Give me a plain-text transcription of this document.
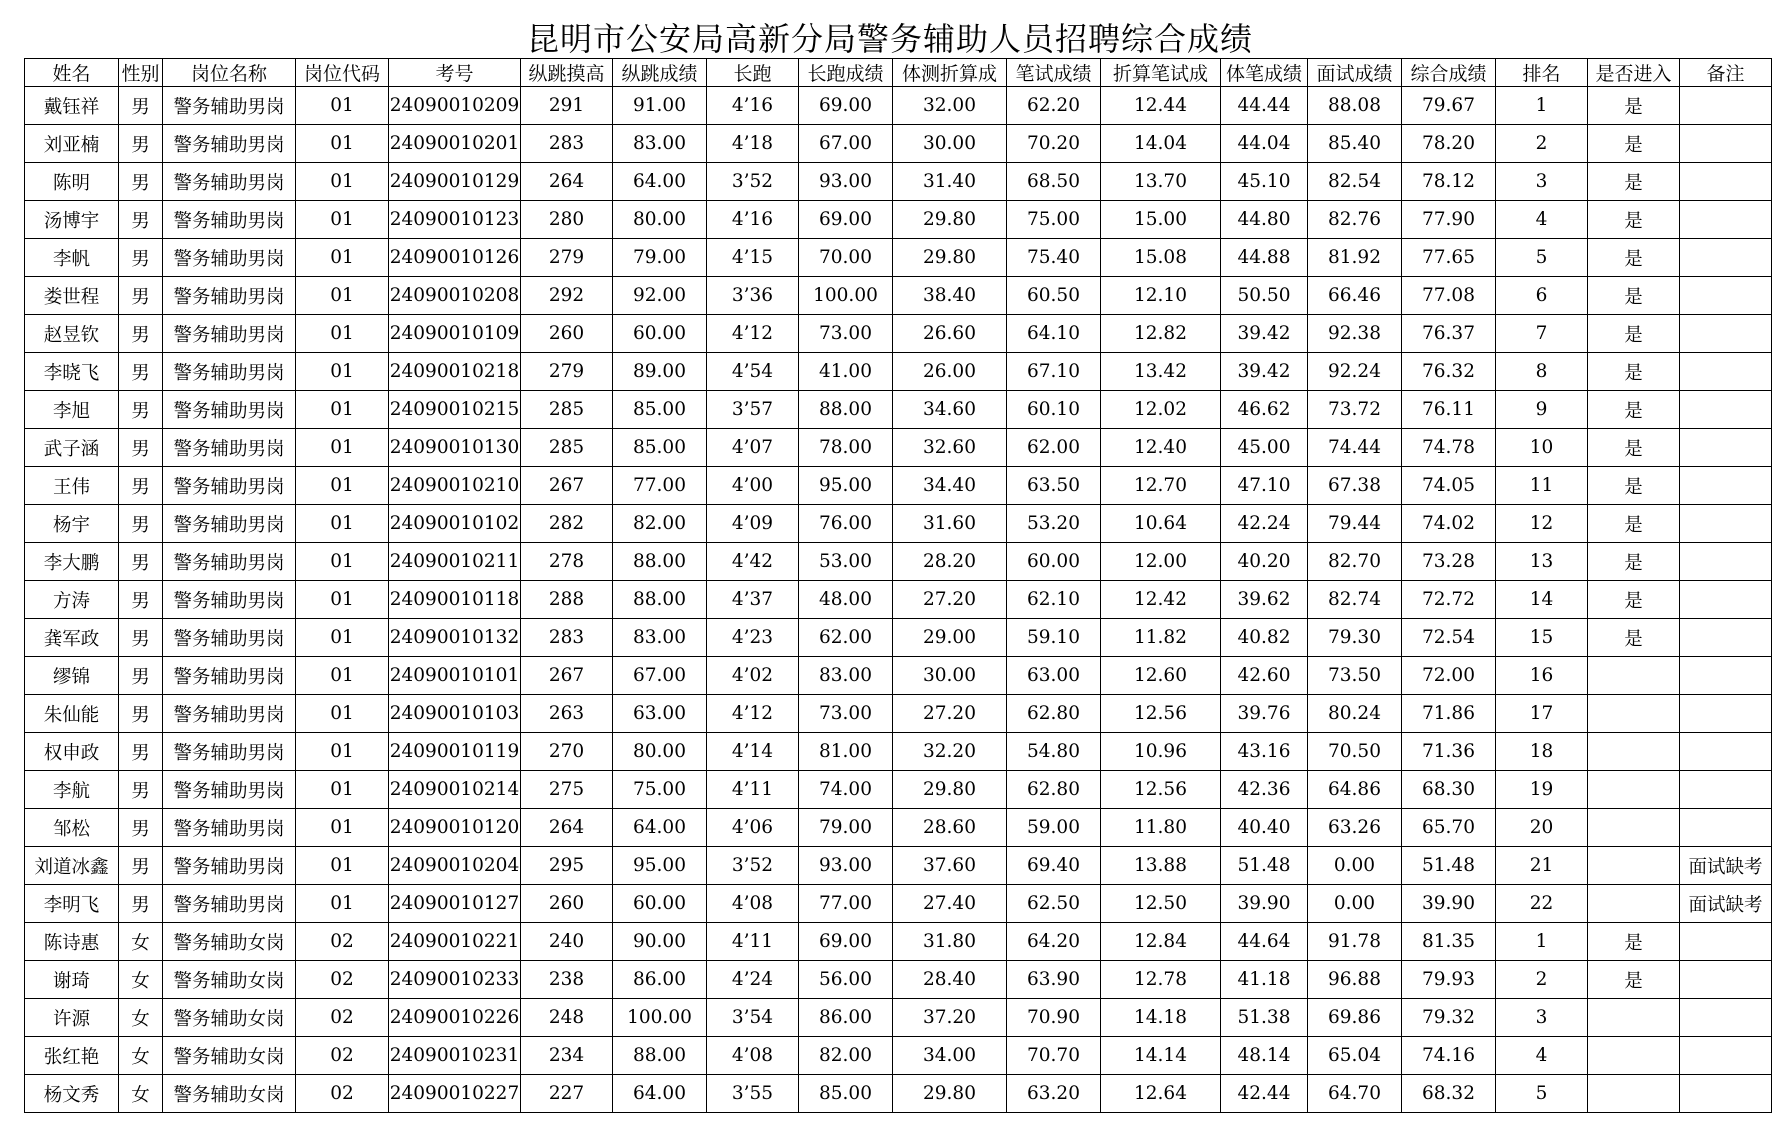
昆明市公安局高新分局警务辅助人员招聘综合成绩
姓名	性别	岗位名称	岗位代码	考号	纵跳摸高	纵跳成绩	长跑	长跑成绩	体测折算成	笔试成绩	折算笔试成	体笔成绩	面试成绩	综合成绩	排名	是否进入	备注
戴钰祥	男	警务辅助男岗	01	24090010209	291	91.00	4’16	69.00	32.00	62.20	12.44	44.44	88.08	79.67	1	是	
刘亚楠	男	警务辅助男岗	01	24090010201	283	83.00	4’18	67.00	30.00	70.20	14.04	44.04	85.40	78.20	2	是	
陈明	男	警务辅助男岗	01	24090010129	264	64.00	3’52	93.00	31.40	68.50	13.70	45.10	82.54	78.12	3	是	
汤博宇	男	警务辅助男岗	01	24090010123	280	80.00	4’16	69.00	29.80	75.00	15.00	44.80	82.76	77.90	4	是	
李帆	男	警务辅助男岗	01	24090010126	279	79.00	4’15	70.00	29.80	75.40	15.08	44.88	81.92	77.65	5	是	
娄世程	男	警务辅助男岗	01	24090010208	292	92.00	3’36	100.00	38.40	60.50	12.10	50.50	66.46	77.08	6	是	
赵昱钦	男	警务辅助男岗	01	24090010109	260	60.00	4’12	73.00	26.60	64.10	12.82	39.42	92.38	76.37	7	是	
李晓飞	男	警务辅助男岗	01	24090010218	279	89.00	4’54	41.00	26.00	67.10	13.42	39.42	92.24	76.32	8	是	
李旭	男	警务辅助男岗	01	24090010215	285	85.00	3’57	88.00	34.60	60.10	12.02	46.62	73.72	76.11	9	是	
武子涵	男	警务辅助男岗	01	24090010130	285	85.00	4’07	78.00	32.60	62.00	12.40	45.00	74.44	74.78	10	是	
王伟	男	警务辅助男岗	01	24090010210	267	77.00	4’00	95.00	34.40	63.50	12.70	47.10	67.38	74.05	11	是	
杨宇	男	警务辅助男岗	01	24090010102	282	82.00	4’09	76.00	31.60	53.20	10.64	42.24	79.44	74.02	12	是	
李大鹏	男	警务辅助男岗	01	24090010211	278	88.00	4’42	53.00	28.20	60.00	12.00	40.20	82.70	73.28	13	是	
方涛	男	警务辅助男岗	01	24090010118	288	88.00	4’37	48.00	27.20	62.10	12.42	39.62	82.74	72.72	14	是	
龚军政	男	警务辅助男岗	01	24090010132	283	83.00	4’23	62.00	29.00	59.10	11.82	40.82	79.30	72.54	15	是	
缪锦	男	警务辅助男岗	01	24090010101	267	67.00	4’02	83.00	30.00	63.00	12.60	42.60	73.50	72.00	16		
朱仙能	男	警务辅助男岗	01	24090010103	263	63.00	4’12	73.00	27.20	62.80	12.56	39.76	80.24	71.86	17		
权申政	男	警务辅助男岗	01	24090010119	270	80.00	4’14	81.00	32.20	54.80	10.96	43.16	70.50	71.36	18		
李航	男	警务辅助男岗	01	24090010214	275	75.00	4’11	74.00	29.80	62.80	12.56	42.36	64.86	68.30	19		
邹松	男	警务辅助男岗	01	24090010120	264	64.00	4’06	79.00	28.60	59.00	11.80	40.40	63.26	65.70	20		
刘道冰鑫	男	警务辅助男岗	01	24090010204	295	95.00	3’52	93.00	37.60	69.40	13.88	51.48	0.00	51.48	21		面试缺考
李明飞	男	警务辅助男岗	01	24090010127	260	60.00	4’08	77.00	27.40	62.50	12.50	39.90	0.00	39.90	22		面试缺考
陈诗惠	女	警务辅助女岗	02	24090010221	240	90.00	4’11	69.00	31.80	64.20	12.84	44.64	91.78	81.35	1	是	
谢琦	女	警务辅助女岗	02	24090010233	238	86.00	4’24	56.00	28.40	63.90	12.78	41.18	96.88	79.93	2	是	
许源	女	警务辅助女岗	02	24090010226	248	100.00	3’54	86.00	37.20	70.90	14.18	51.38	69.86	79.32	3		
张红艳	女	警务辅助女岗	02	24090010231	234	88.00	4’08	82.00	34.00	70.70	14.14	48.14	65.04	74.16	4		
杨文秀	女	警务辅助女岗	02	24090010227	227	64.00	3’55	85.00	29.80	63.20	12.64	42.44	64.70	68.32	5		
